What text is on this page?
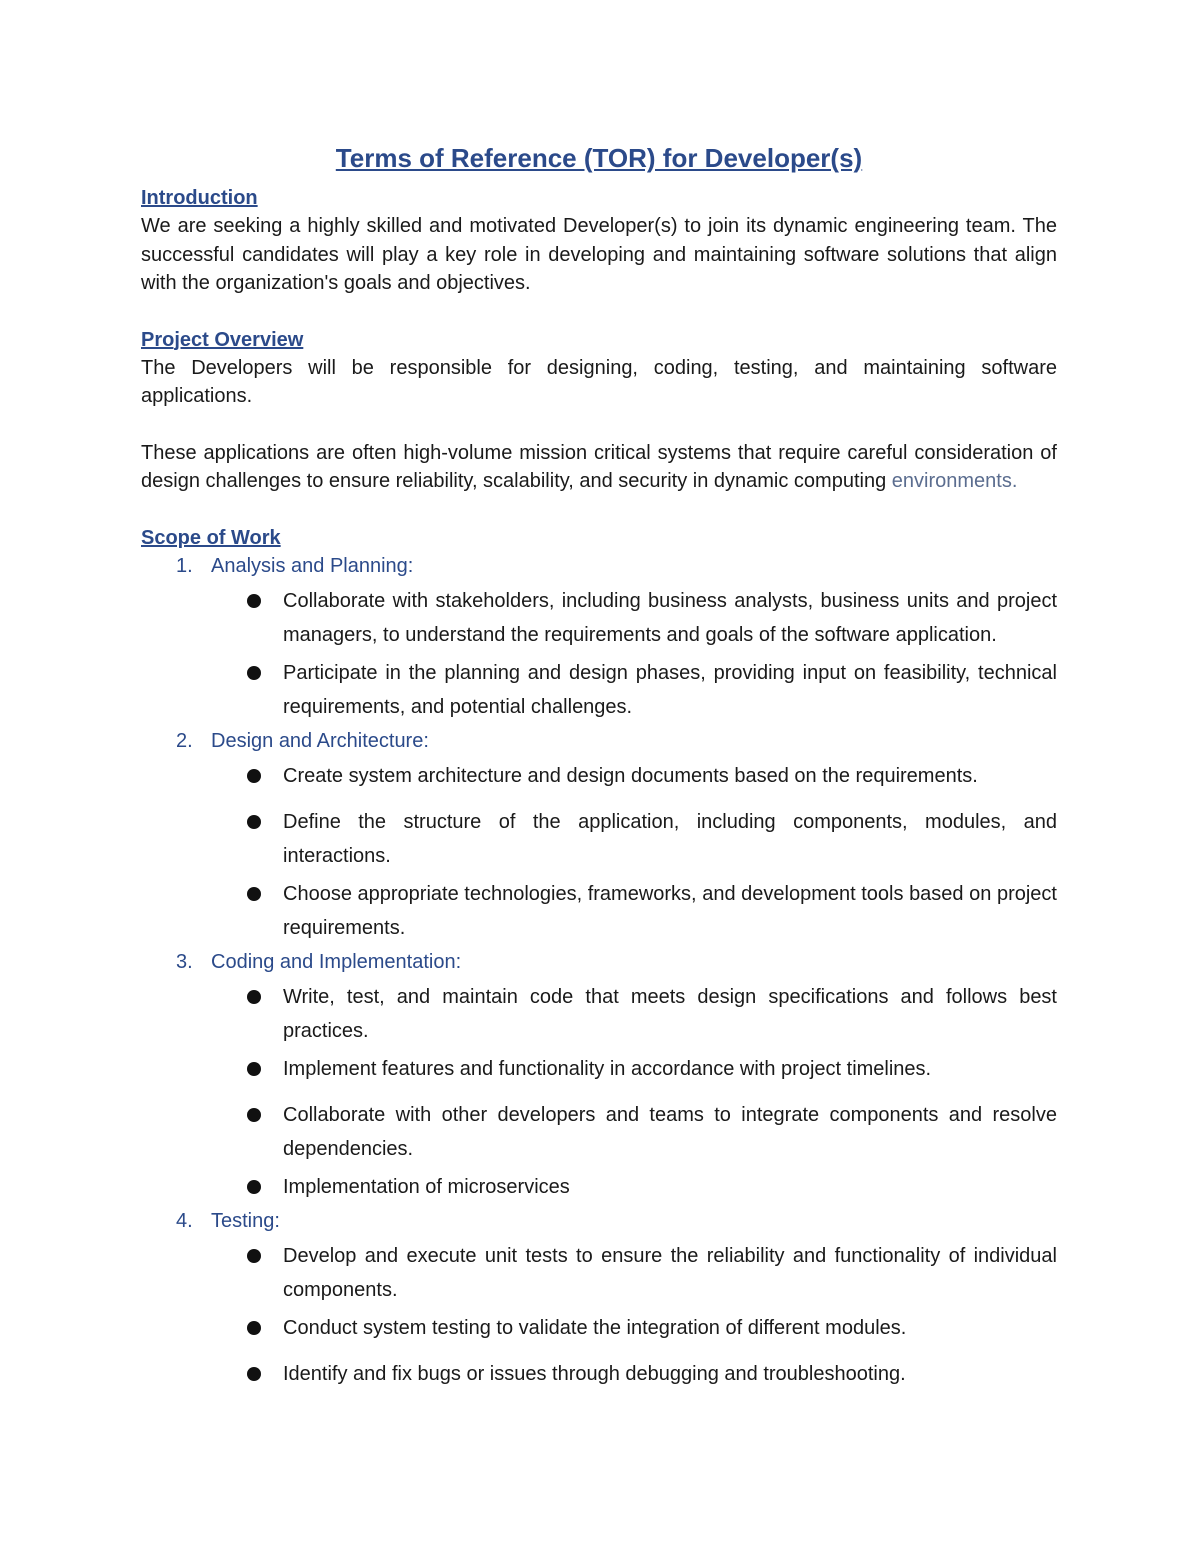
Terms of Reference (TOR) for Developer(s)
Introduction

We are seeking a highly skilled and motivated Developer(s) to join its dynamic engineering team. The successful candidates will play a key role in developing and maintaining software solutions that align with the organization's goals and objectives.

Project Overview

The Developers will be responsible for designing, coding, testing, and maintaining software applications.

These applications are often high-volume mission critical systems that require careful consideration of design challenges to ensure reliability, scalability, and security in dynamic computing environments.

Scope of Work
1. Analysis and Planning:
Collaborate with stakeholders, including business analysts, business units and project managers, to understand the requirements and goals of the software application.
Participate in the planning and design phases, providing input on feasibility, technical requirements, and potential challenges.
2. Design and Architecture:
Create system architecture and design documents based on the requirements.
Define the structure of the application, including components, modules, and interactions.
Choose appropriate technologies, frameworks, and development tools based on project requirements.
3. Coding and Implementation:
Write, test, and maintain code that meets design specifications and follows best practices.
Implement features and functionality in accordance with project timelines.
Collaborate with other developers and teams to integrate components and resolve dependencies.
Implementation of microservices
4. Testing:
Develop and execute unit tests to ensure the reliability and functionality of individual components.
Conduct system testing to validate the integration of different modules.
Identify and fix bugs or issues through debugging and troubleshooting.
